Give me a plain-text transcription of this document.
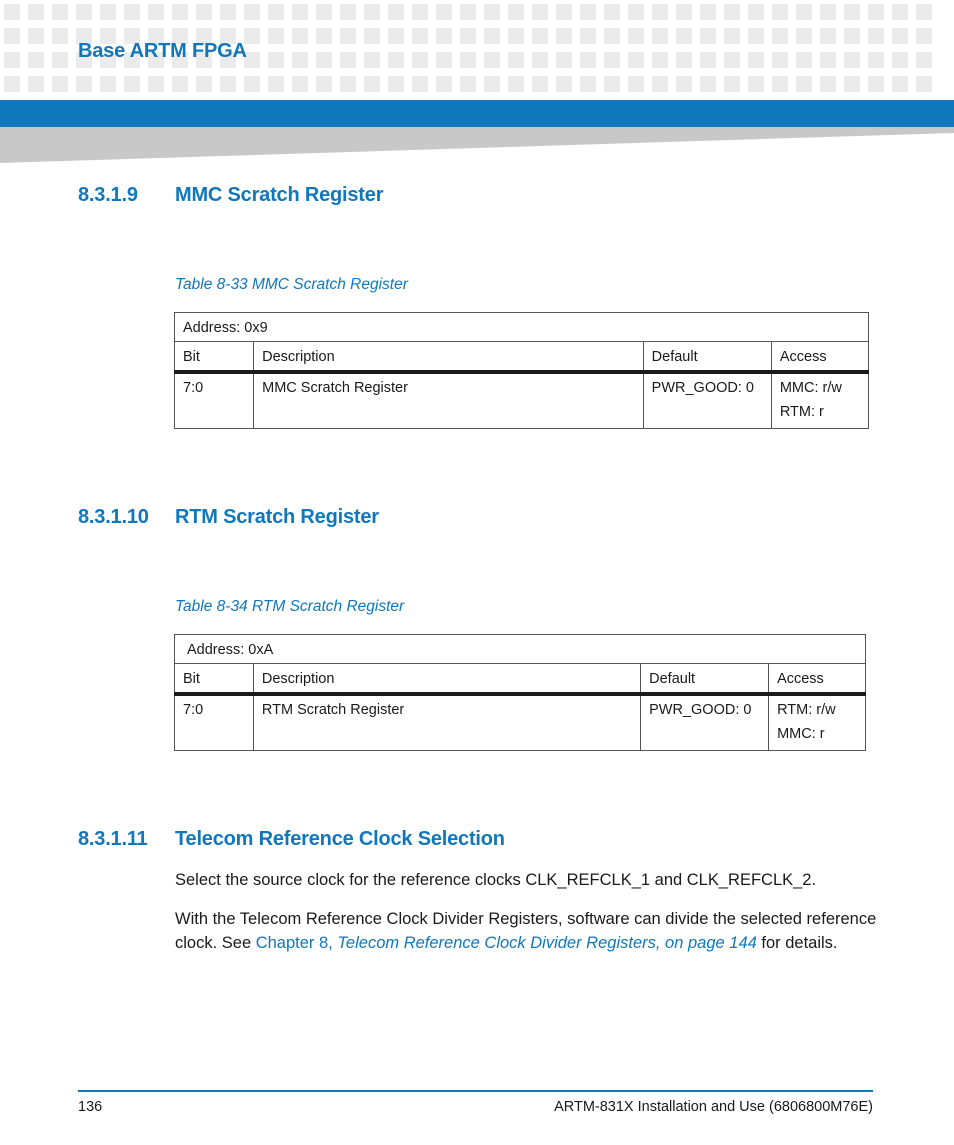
Base ARTM FPGA
8.3.1.9 MMC Scratch Register

Table 8-33 MMC Scratch Register

Address: 0x9			
Bit	Description	Default	Access
7:0	MMC Scratch Register	PWR_GOOD: 0	MMC: r/w
RTM: r
8.3.1.10 RTM Scratch Register

Table 8-34 RTM Scratch Register

Address: 0xA			
Bit	Description	Default	Access
7:0	RTM Scratch Register	PWR_GOOD: 0	RTM: r/w
MMC: r
8.3.1.11 Telecom Reference Clock Selection

Select the source clock for the reference clocks CLK_REFCLK_1 and CLK_REFCLK_2.

With the Telecom Reference Clock Divider Registers, software can divide the selected reference clock. See Chapter 8, Telecom Reference Clock Divider Registers, on page 144 for details.

136	ARTM-831X Installation and Use (6806800M76E)
